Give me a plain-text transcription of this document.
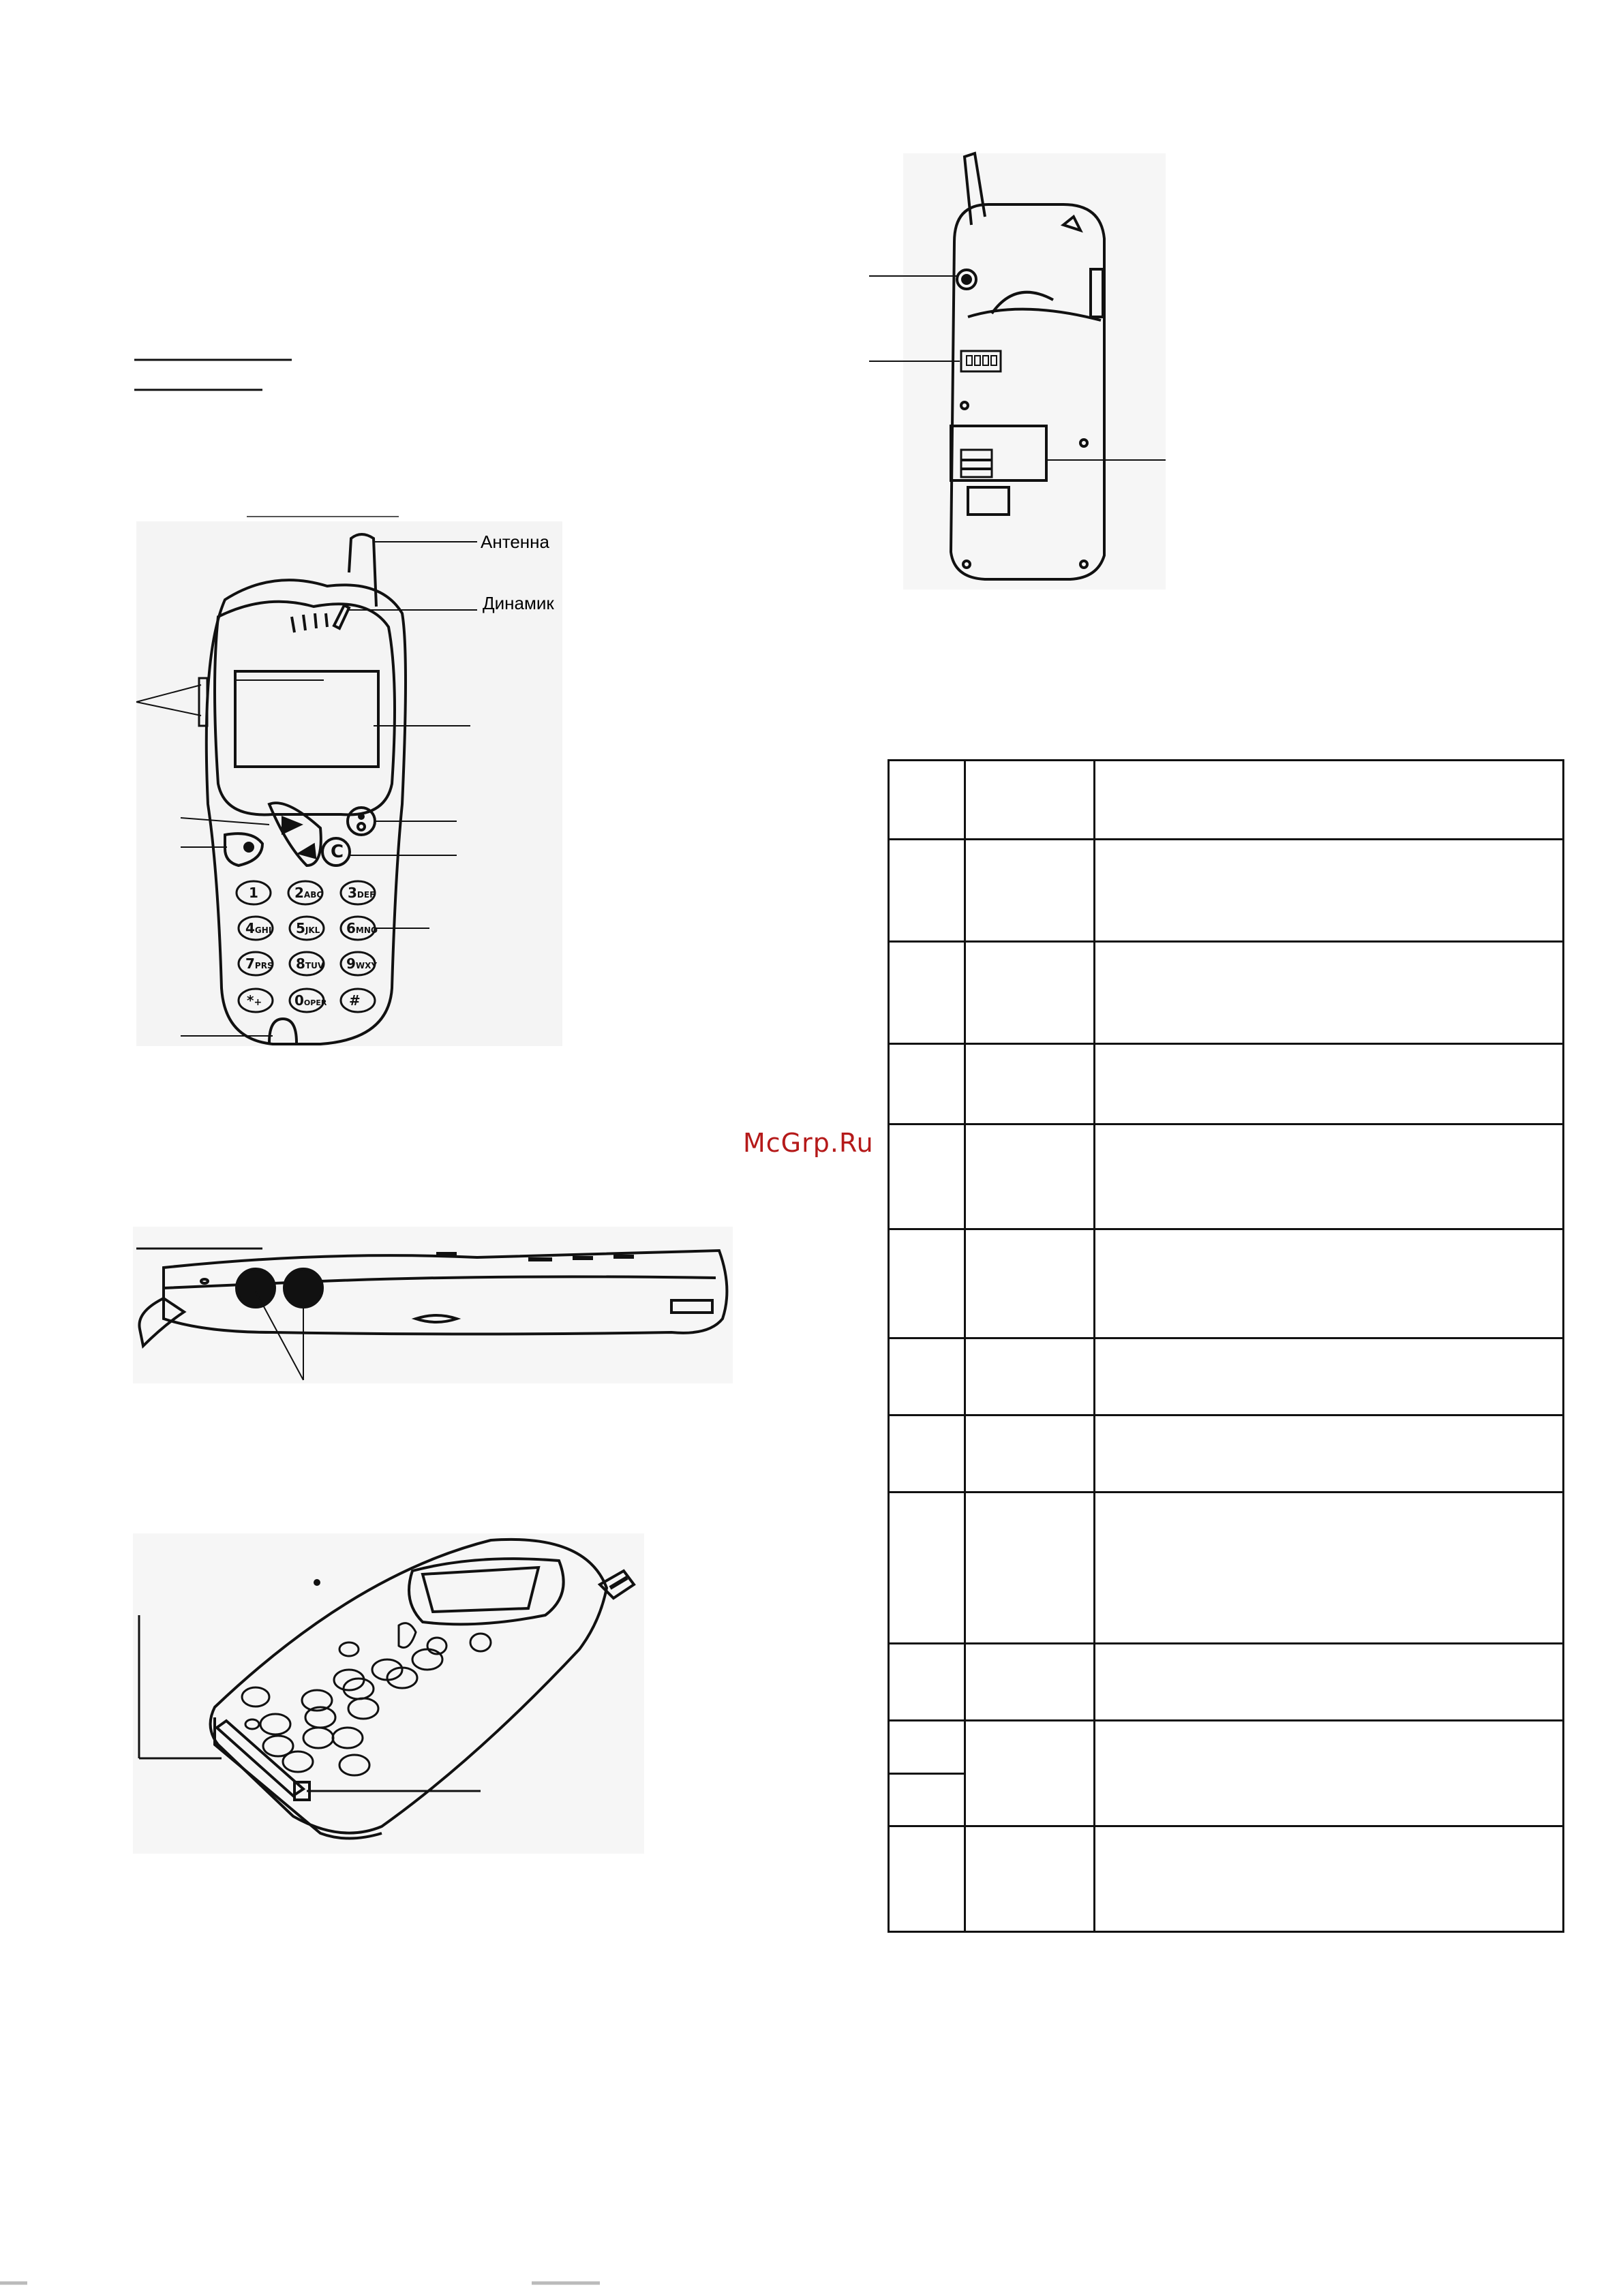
1	2ABC 3DEF
4GHI 5JKL 6MNO
7PRS 8TUV 9WXY
*+ 0OPER #
C
Антенна
Динамик
McGrp.Ru
